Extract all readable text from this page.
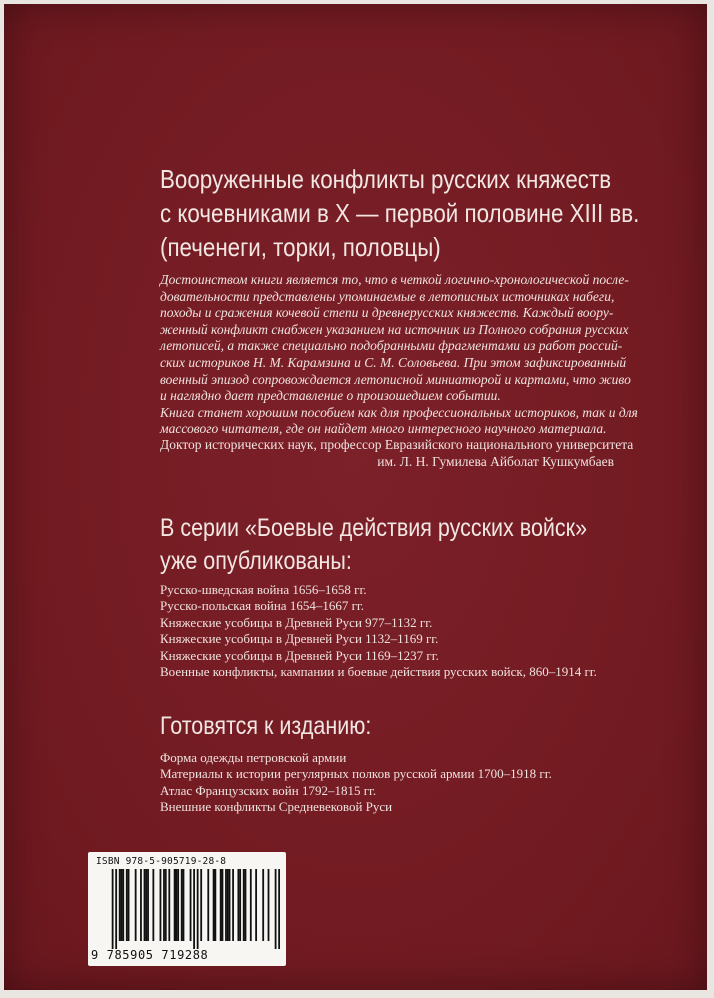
Вооруженные конфликты русских княжеств
с кочевниками в X — первой половине XIII вв.
(печенеги, торки, половцы)
Достоинством книги является то, что в четкой логично-хронологической после-
довательности представлены упоминаемые в летописных источниках набеги,
походы и сражения кочевой степи и древнерусских княжеств. Каждый воору-
женный конфликт снабжен указанием на источник из Полного собрания русских
летописей, а также специально подобранными фрагментами из работ россий-
ских историков Н. М. Карамзина и С. М. Соловьева. При этом зафиксированный
военный эпизод сопровождается летописной миниатюрой и картами, что живо
и наглядно дает представление о произошедшем событии.
Книга станет хорошим пособием как для профессиональных историков, так и для
массового читателя, где он найдет много интересного научного материала.
Доктор исторических наук, профессор Евразийского национального университета
им. Л. Н. Гумилева Айболат Кушкумбаев
В серии «Боевые действия русских войск»
уже опубликованы:
Русско-шведская война 1656–1658 гг.
Русско-польская война 1654–1667 гг.
Княжеские усобицы в Древней Руси 977–1132 гг.
Княжеские усобицы в Древней Руси 1132–1169 гг.
Княжеские усобицы в Древней Руси 1169–1237 гг.
Военные конфликты, кампании и боевые действия русских войск, 860–1914 гг.
Готовятся к изданию:
Форма одежды петровской армии
Материалы к истории регулярных полков русской армии 1700–1918 гг.
Атлас Французских войн 1792–1815 гг.
Внешние конфликты Средневековой Руси
ISBN 978-5-905719-28-8
9 785905 719288
